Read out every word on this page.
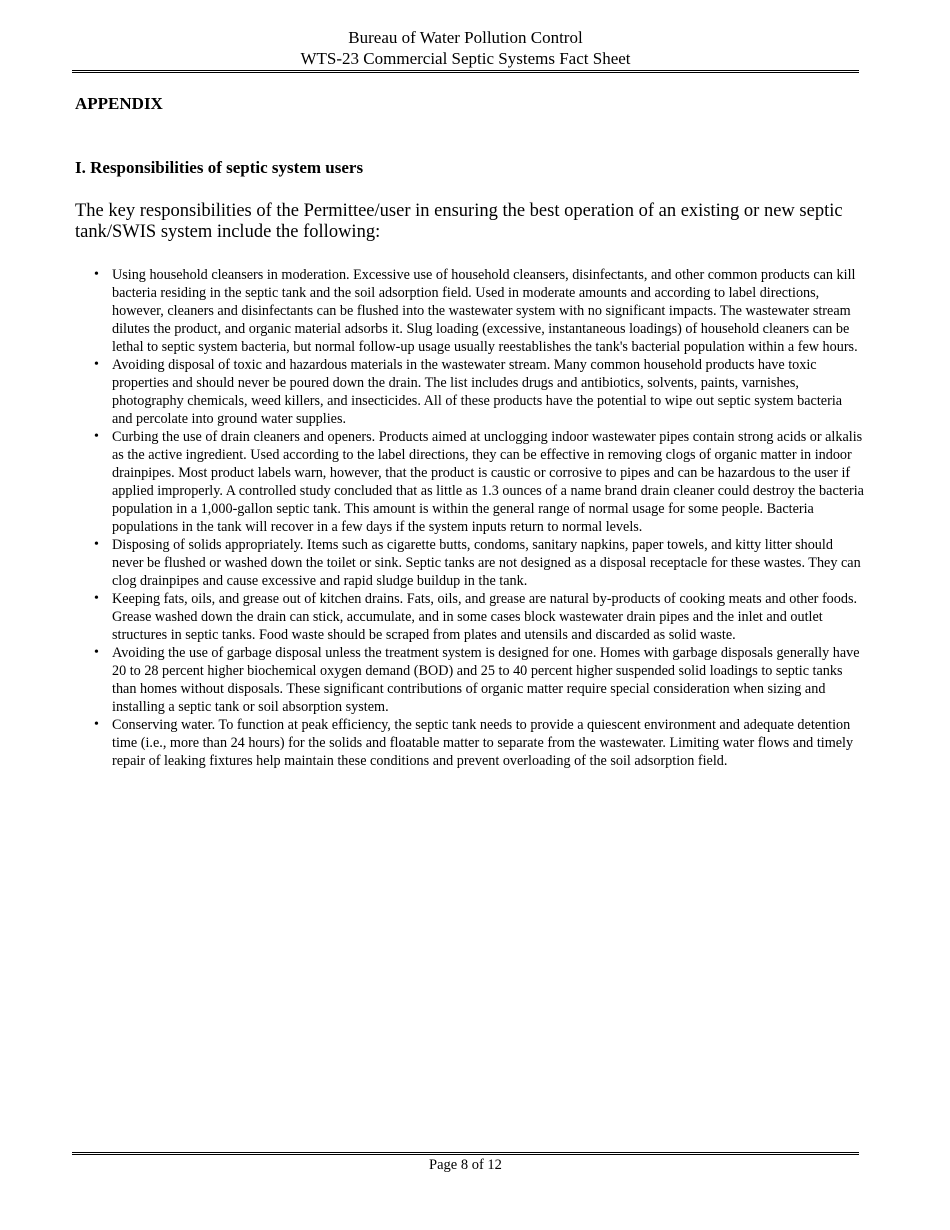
Bureau of Water Pollution Control
WTS-23 Commercial Septic Systems Fact Sheet
APPENDIX
I. Responsibilities of septic system users
The key responsibilities of the Permittee/user in ensuring the best operation of an existing or new septic tank/SWIS system include the following:
• Using household cleansers in moderation. Excessive use of household cleansers, disinfectants, and other common products can kill bacteria residing in the septic tank and the soil adsorption field. Used in moderate amounts and according to label directions, however, cleaners and disinfectants can be flushed into the wastewater system with no significant impacts. The wastewater stream dilutes the product, and organic material adsorbs it. Slug loading (excessive, instantaneous loadings) of household cleaners can be lethal to septic system bacteria, but normal follow-up usage usually reestablishes the tank's bacterial population within a few hours.
• Avoiding disposal of toxic and hazardous materials in the wastewater stream. Many common household products have toxic properties and should never be poured down the drain. The list includes drugs and antibiotics, solvents, paints, varnishes, photography chemicals, weed killers, and insecticides. All of these products have the potential to wipe out septic system bacteria and percolate into ground water supplies.
• Curbing the use of drain cleaners and openers. Products aimed at unclogging indoor wastewater pipes contain strong acids or alkalis as the active ingredient. Used according to the label directions, they can be effective in removing clogs of organic matter in indoor drainpipes. Most product labels warn, however, that the product is caustic or corrosive to pipes and can be hazardous to the user if applied improperly. A controlled study concluded that as little as 1.3 ounces of a name brand drain cleaner could destroy the bacteria population in a 1,000-gallon septic tank. This amount is within the general range of normal usage for some people. Bacteria populations in the tank will recover in a few days if the system inputs return to normal levels.
• Disposing of solids appropriately. Items such as cigarette butts, condoms, sanitary napkins, paper towels, and kitty litter should never be flushed or washed down the toilet or sink. Septic tanks are not designed as a disposal receptacle for these wastes. They can clog drainpipes and cause excessive and rapid sludge buildup in the tank.
• Keeping fats, oils, and grease out of kitchen drains. Fats, oils, and grease are natural by-products of cooking meats and other foods. Grease washed down the drain can stick, accumulate, and in some cases block wastewater drain pipes and the inlet and outlet structures in septic tanks. Food waste should be scraped from plates and utensils and discarded as solid waste.
• Avoiding the use of garbage disposal unless the treatment system is designed for one. Homes with garbage disposals generally have 20 to 28 percent higher biochemical oxygen demand (BOD) and 25 to 40 percent higher suspended solid loadings to septic tanks than homes without disposals. These significant contributions of organic matter require special consideration when sizing and installing a septic tank or soil absorption system.
• Conserving water. To function at peak efficiency, the septic tank needs to provide a quiescent environment and adequate detention time (i.e., more than 24 hours) for the solids and floatable matter to separate from the wastewater. Limiting water flows and timely repair of leaking fixtures help maintain these conditions and prevent overloading of the soil adsorption field.
Page 8 of 12
